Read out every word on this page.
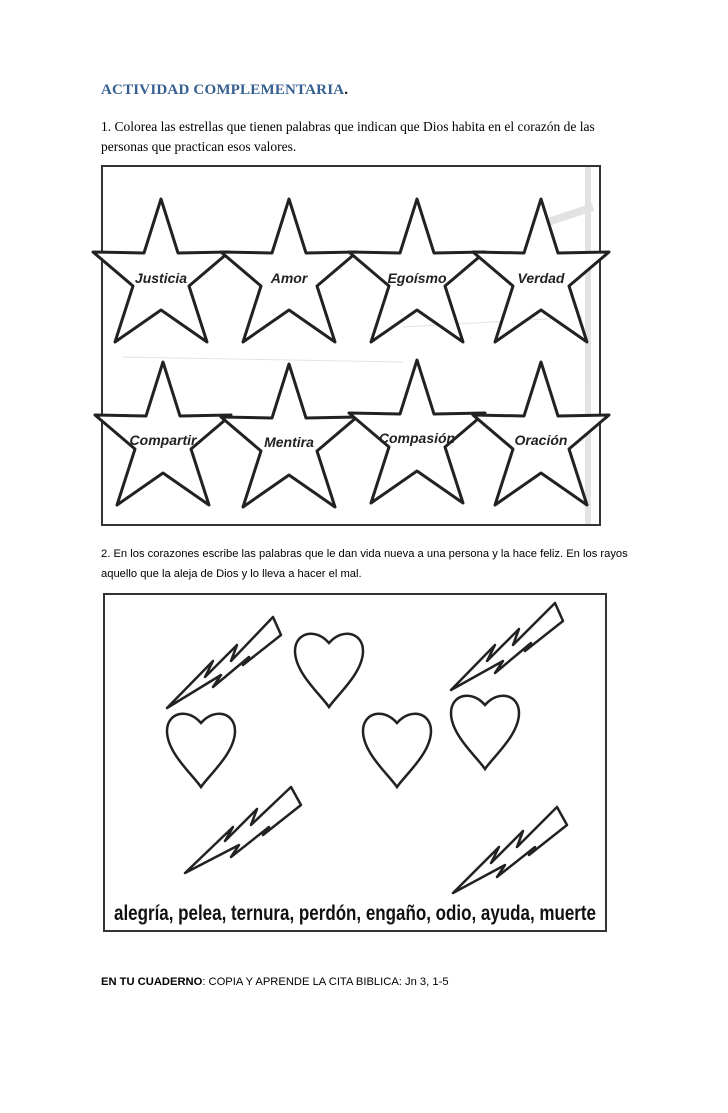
ACTIVIDAD COMPLEMENTARIA.
1. Colorea las estrellas que tienen palabras que indican que Dios habita en el corazón de las personas que practican esos valores.
Justicia	Amor	Egoísmo	Verdad
Compartir	Mentira	Compasión	Oración
2. En los corazones escribe las palabras que le dan vida nueva a una persona y la hace feliz. En los rayos aquello que la aleja de Dios y lo lleva a hacer el mal.
alegría, pelea, ternura, perdón, engaño, odio, ayuda, muerte
EN TU CUADERNO: COPIA Y APRENDE LA CITA BIBLICA: Jn 3, 1-5
